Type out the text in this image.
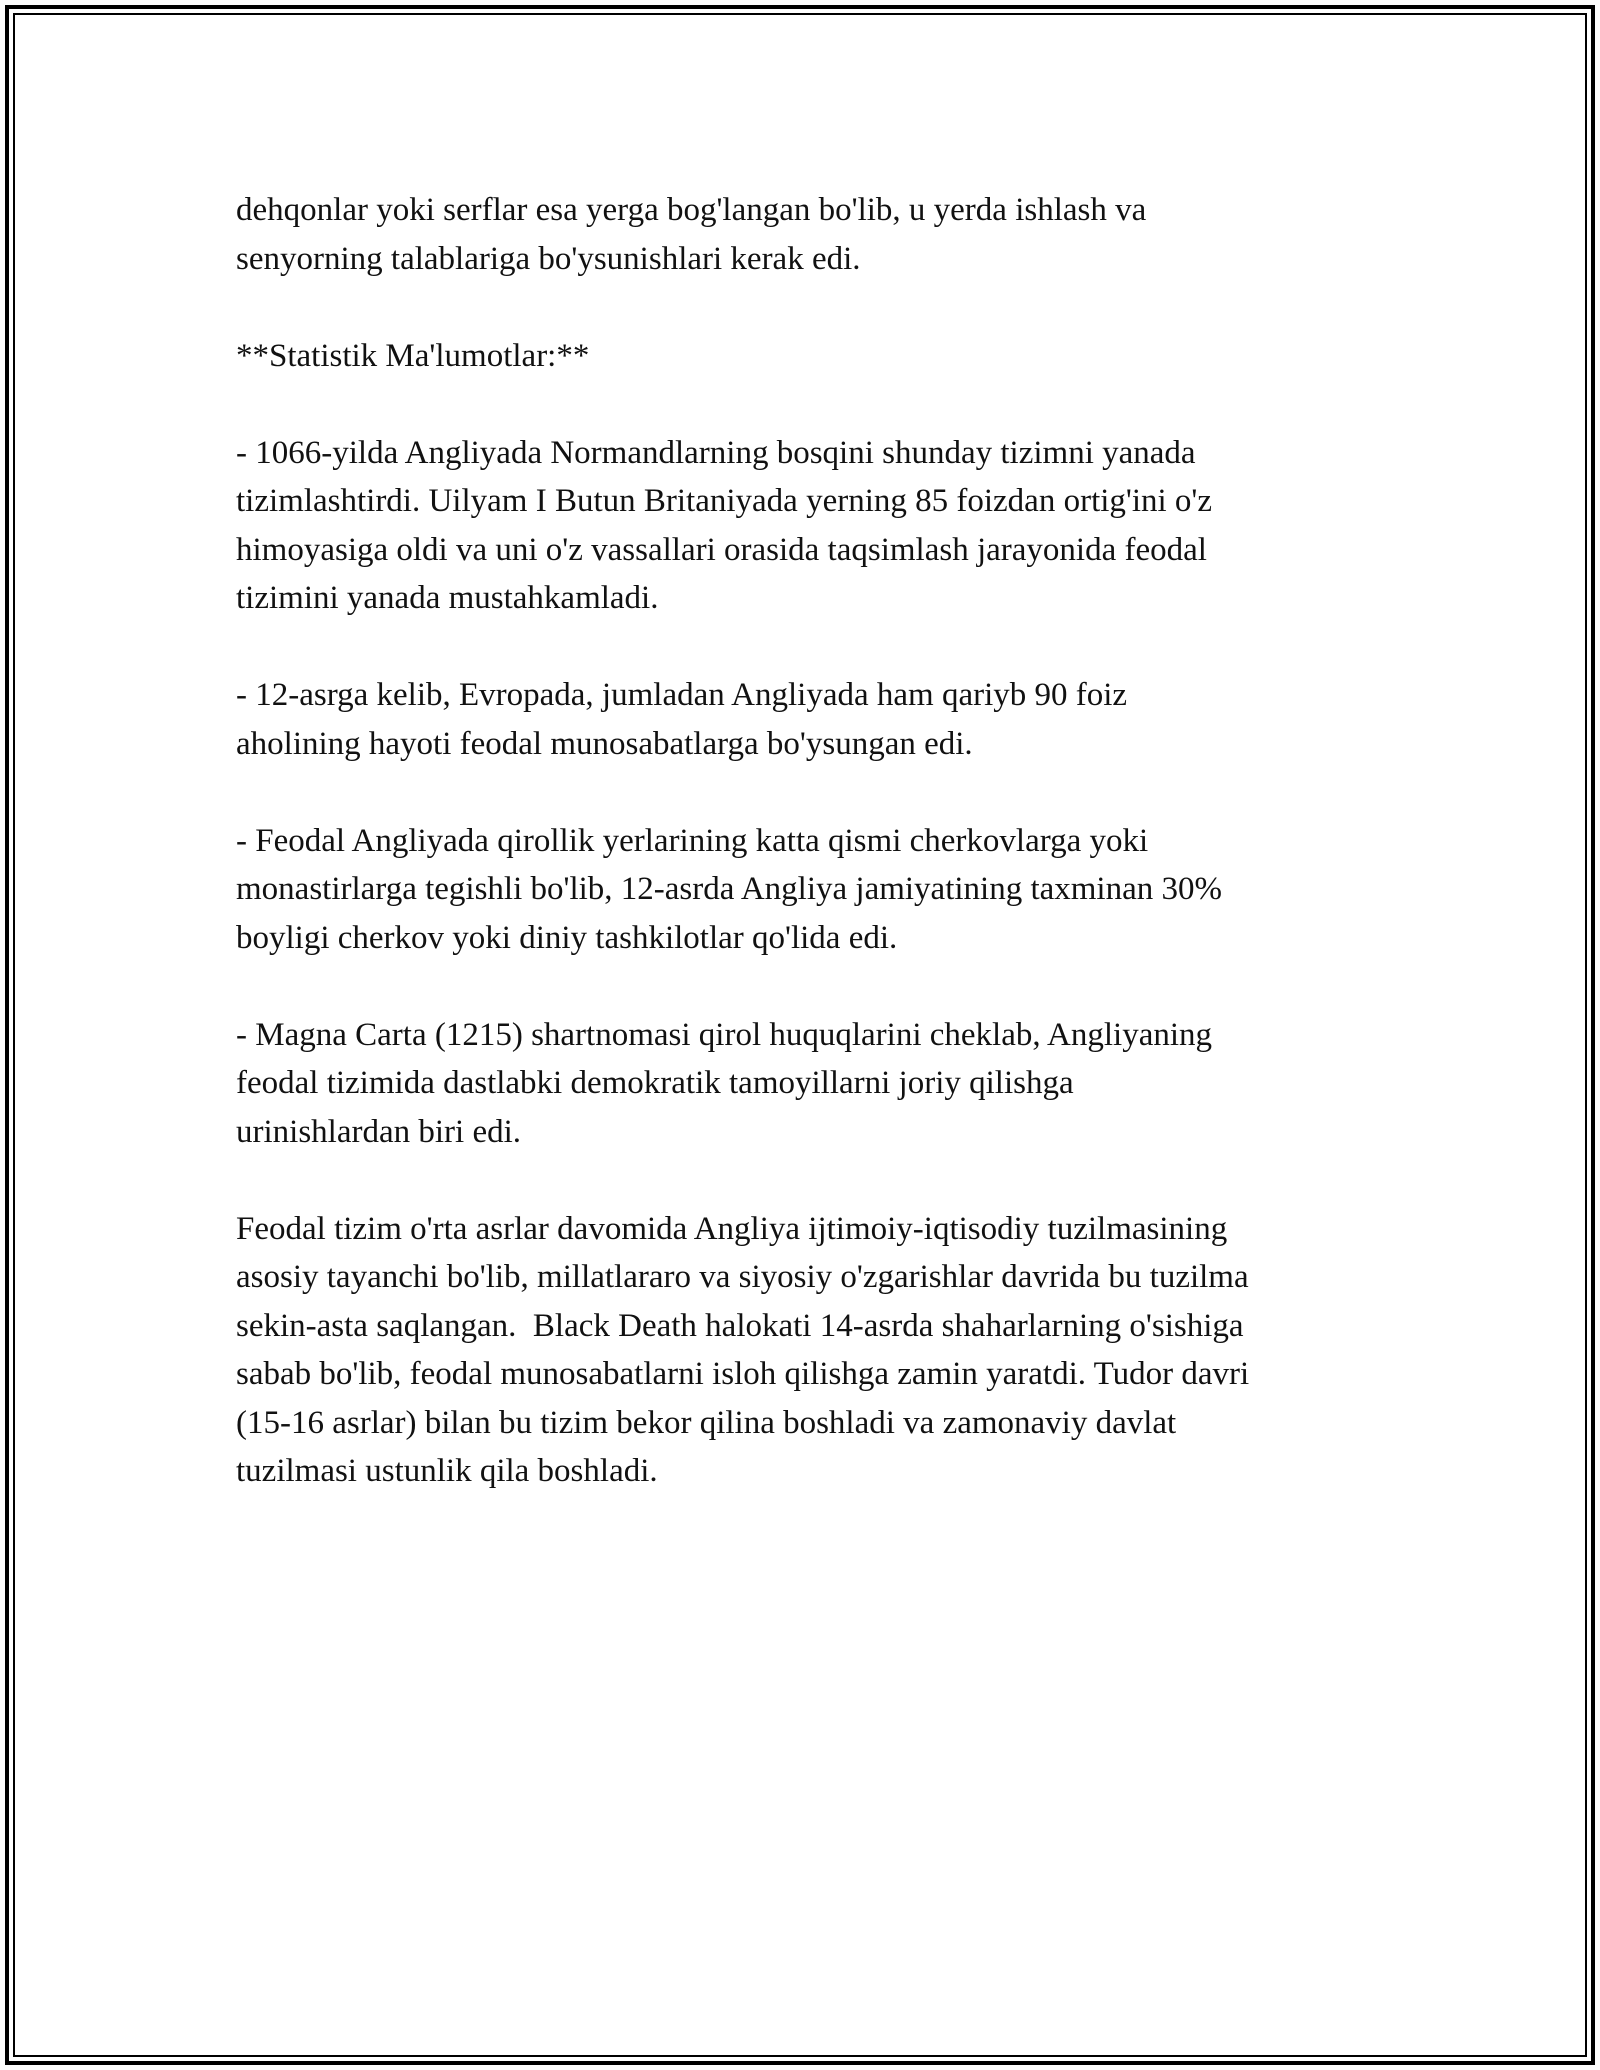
dehqonlar yoki serflar esa yerga bog'langan bo'lib, u yerda ishlash va
senyorning talablariga bo'ysunishlari kerak edi.

**Statistik Ma'lumotlar:**

- 1066-yilda Angliyada Normandlarning bosqini shunday tizimni yanada
tizimlashtirdi. Uilyam I Butun Britaniyada yerning 85 foizdan ortig'ini o'z
himoyasiga oldi va uni o'z vassallari orasida taqsimlash jarayonida feodal
tizimini yanada mustahkamladi.

- 12-asrga kelib, Evropada, jumladan Angliyada ham qariyb 90 foiz
aholining hayoti feodal munosabatlarga bo'ysungan edi.

- Feodal Angliyada qirollik yerlarining katta qismi cherkovlarga yoki
monastirlarga tegishli bo'lib, 12-asrda Angliya jamiyatining taxminan 30%
boyligi cherkov yoki diniy tashkilotlar qo'lida edi.

- Magna Carta (1215) shartnomasi qirol huquqlarini cheklab, Angliyaning
feodal tizimida dastlabki demokratik tamoyillarni joriy qilishga
urinishlardan biri edi.

Feodal tizim o'rta asrlar davomida Angliya ijtimoiy-iqtisodiy tuzilmasining
asosiy tayanchi bo'lib, millatlararo va siyosiy o'zgarishlar davrida bu tuzilma
sekin-asta saqlangan.  Black Death halokati 14-asrda shaharlarning o'sishiga
sabab bo'lib, feodal munosabatlarni isloh qilishga zamin yaratdi. Tudor davri
(15-16 asrlar) bilan bu tizim bekor qilina boshladi va zamonaviy davlat
tuzilmasi ustunlik qila boshladi.
